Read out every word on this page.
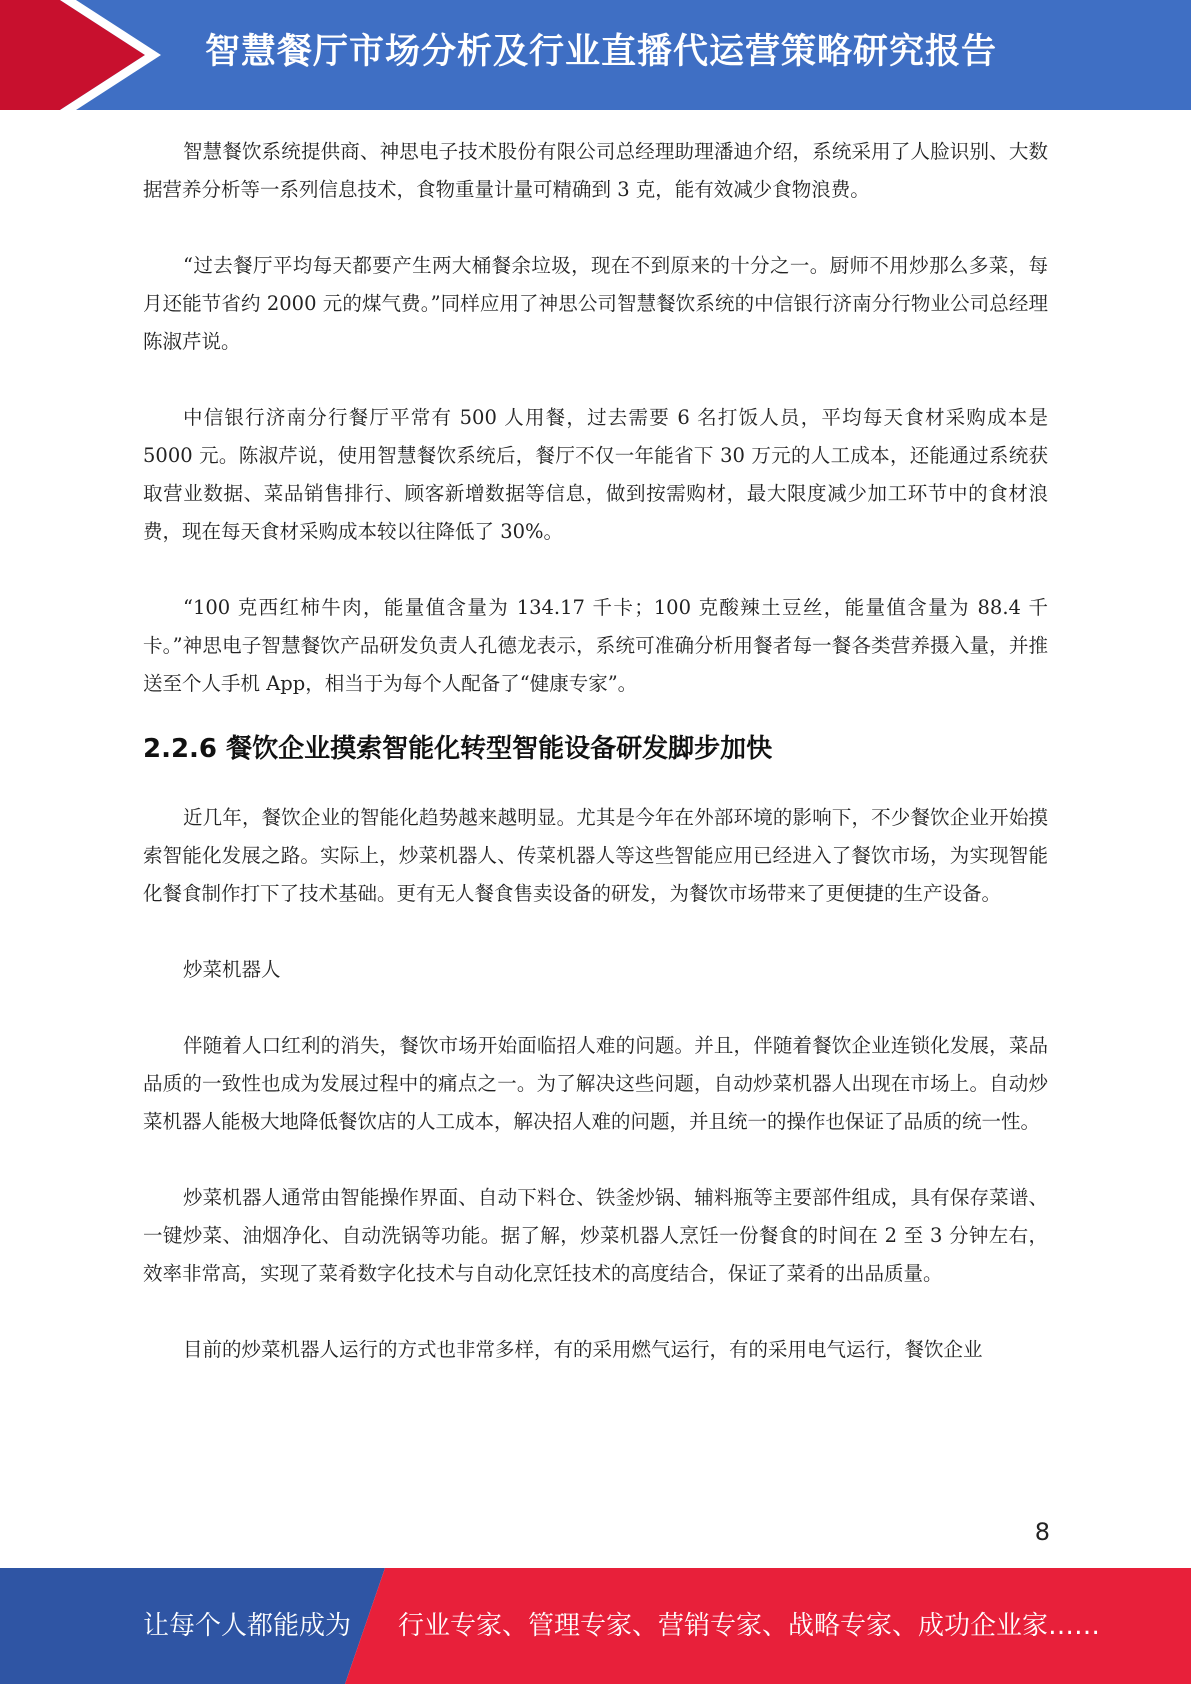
智慧餐厅市场分析及行业直播代运营策略研究报告

智慧餐饮系统提供商、神思电子技术股份有限公司总经理助理潘迪介绍，系统采用了人脸识别、大数据营养分析等一系列信息技术，食物重量计量可精确到 3 克，能有效减少食物浪费。

“过去餐厅平均每天都要产生两大桶餐余垃圾，现在不到原来的十分之一。厨师不用炒那么多菜，每月还能节省约 2000 元的煤气费。”同样应用了神思公司智慧餐饮系统的中信银行济南分行物业公司总经理陈淑芹说。

中信银行济南分行餐厅平常有 500 人用餐，过去需要 6 名打饭人员，平均每天食材采购成本是 5000 元。陈淑芹说，使用智慧餐饮系统后，餐厅不仅一年能省下 30 万元的人工成本，还能通过系统获取营业数据、菜品销售排行、顾客新增数据等信息，做到按需购材，最大限度减少加工环节中的食材浪费，现在每天食材采购成本较以往降低了 30%。

“100 克西红柿牛肉，能量值含量为 134.17 千卡；100 克酸辣土豆丝，能量值含量为 88.4 千卡。”神思电子智慧餐饮产品研发负责人孔德龙表示，系统可准确分析用餐者每一餐各类营养摄入量，并推送至个人手机 App，相当于为每个人配备了“健康专家”。

2.2.6 餐饮企业摸索智能化转型智能设备研发脚步加快

近几年，餐饮企业的智能化趋势越来越明显。尤其是今年在外部环境的影响下，不少餐饮企业开始摸索智能化发展之路。实际上，炒菜机器人、传菜机器人等这些智能应用已经进入了餐饮市场，为实现智能化餐食制作打下了技术基础。更有无人餐食售卖设备的研发，为餐饮市场带来了更便捷的生产设备。

炒菜机器人

伴随着人口红利的消失，餐饮市场开始面临招人难的问题。并且，伴随着餐饮企业连锁化发展，菜品品质的一致性也成为发展过程中的痛点之一。为了解决这些问题，自动炒菜机器人出现在市场上。自动炒菜机器人能极大地降低餐饮店的人工成本，解决招人难的问题，并且统一的操作也保证了品质的统一性。

炒菜机器人通常由智能操作界面、自动下料仓、铁釜炒锅、辅料瓶等主要部件组成，具有保存菜谱、一键炒菜、油烟净化、自动洗锅等功能。据了解，炒菜机器人烹饪一份餐食的时间在 2 至 3 分钟左右，效率非常高，实现了菜肴数字化技术与自动化烹饪技术的高度结合，保证了菜肴的出品质量。

目前的炒菜机器人运行的方式也非常多样，有的采用燃气运行，有的采用电气运行，餐饮企业

8
让每个人都能成为 行业专家、管理专家、营销专家、战略专家、成功企业家……
